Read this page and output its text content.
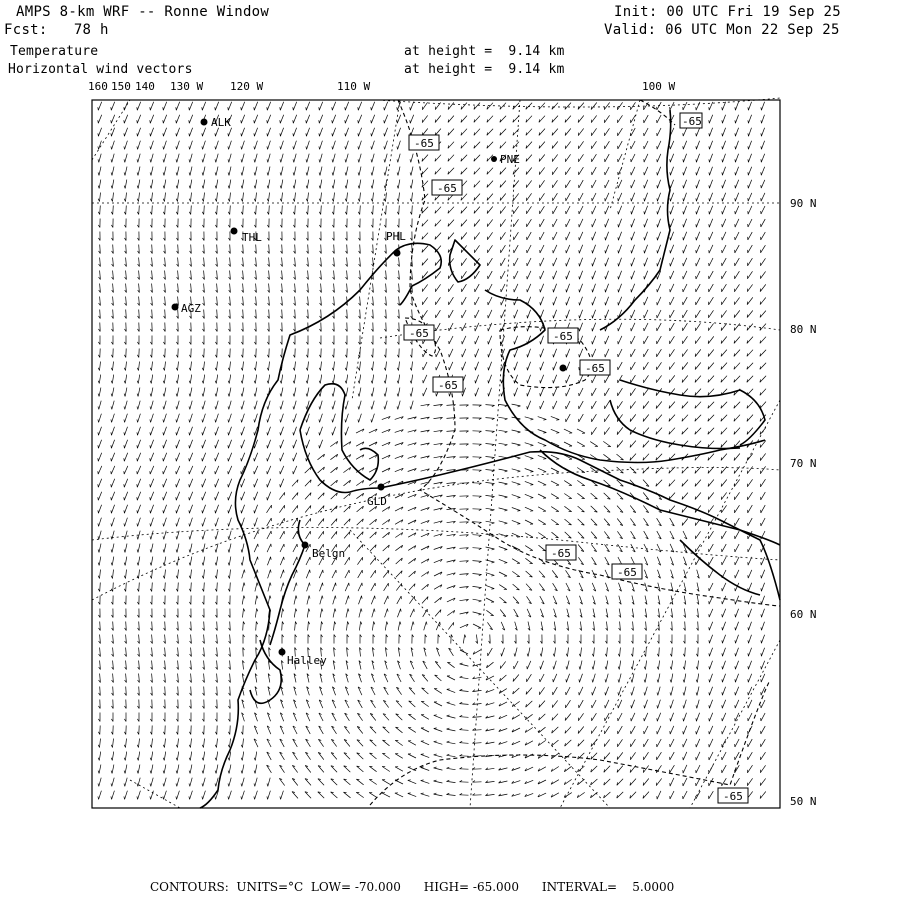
AMPS 8-km WRF -- Ronne Window
Fcst:   78 h
Init: 00 UTC Fri 19 Sep 25
Valid: 06 UTC Mon 22 Sep 25
Temperature
Horizontal wind vectors
at height =  9.14 km
at height =  9.14 km
ALK
PNE
THL	PHL
AGZ
GLD
Belgn
Halley
-65
-65
-65	-65
-65
-65
-65
-65
-65
-65
160 150 140 130 W 120 W	110 W	100 W
90 N
80 N
70 N
60 N
50 N
CONTOURS:  UNITS=°C  LOW= -70.000      HIGH= -65.000      INTERVAL=    5.0000
